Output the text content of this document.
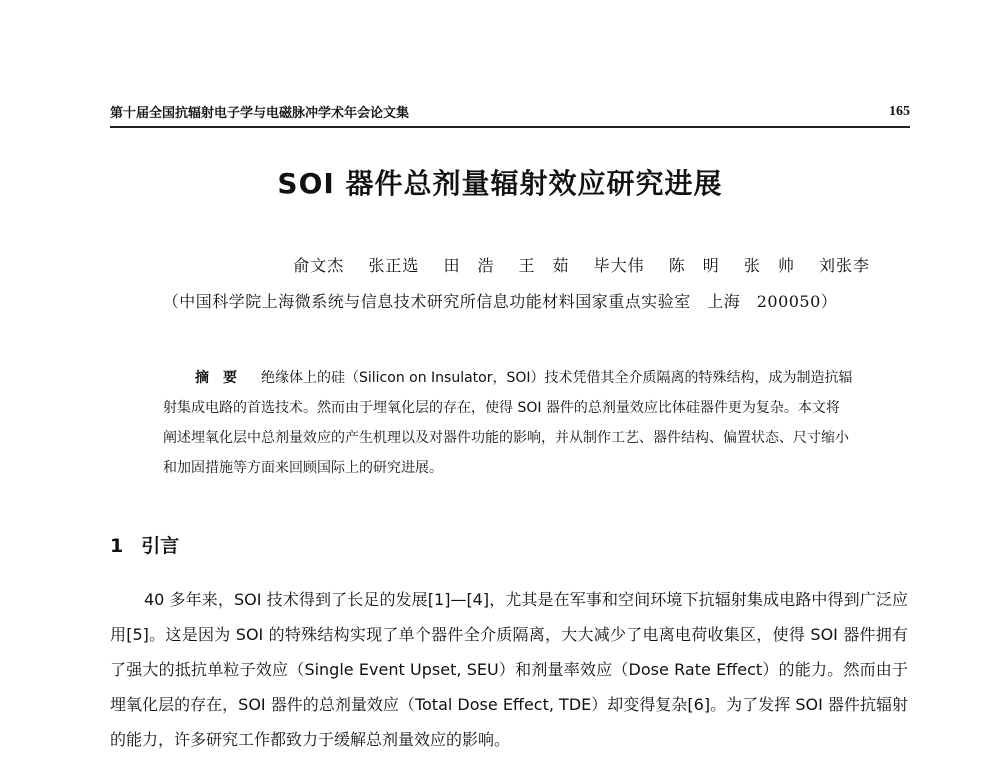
第十届全国抗辐射电子学与电磁脉冲学术年会论文集	165
SOI 器件总剂量辐射效应研究进展
俞文杰 张正选 田　浩 王　茹 毕大伟 陈　明 张　帅 刘张李
（中国科学院上海微系统与信息技术研究所信息功能材料国家重点实验室　上海　200050）
摘要 绝缘体上的硅（Silicon on Insulator，SOI）技术凭借其全介质隔离的特殊结构，成为制造抗辐射集成电路的首选技术。然而由于埋氧化层的存在，使得 SOI 器件的总剂量效应比体硅器件更为复杂。本文将阐述埋氧化层中总剂量效应的产生机理以及对器件功能的影响，并从制作工艺、器件结构、偏置状态、尺寸缩小和加固措施等方面来回顾国际上的研究进展。
1 引言
40 多年来，SOI 技术得到了长足的发展[1]—[4]，尤其是在军事和空间环境下抗辐射集成电路中得到广泛应用[5]。这是因为 SOI 的特殊结构实现了单个器件全介质隔离，大大减少了电离电荷收集区，使得 SOI 器件拥有了强大的抵抗单粒子效应（Single Event Upset, SEU）和剂量率效应（Dose Rate Effect）的能力。然而由于埋氧化层的存在，SOI 器件的总剂量效应（Total Dose Effect, TDE）却变得复杂[6]。为了发挥 SOI 器件抗辐射的能力，许多研究工作都致力于缓解总剂量效应的影响。
